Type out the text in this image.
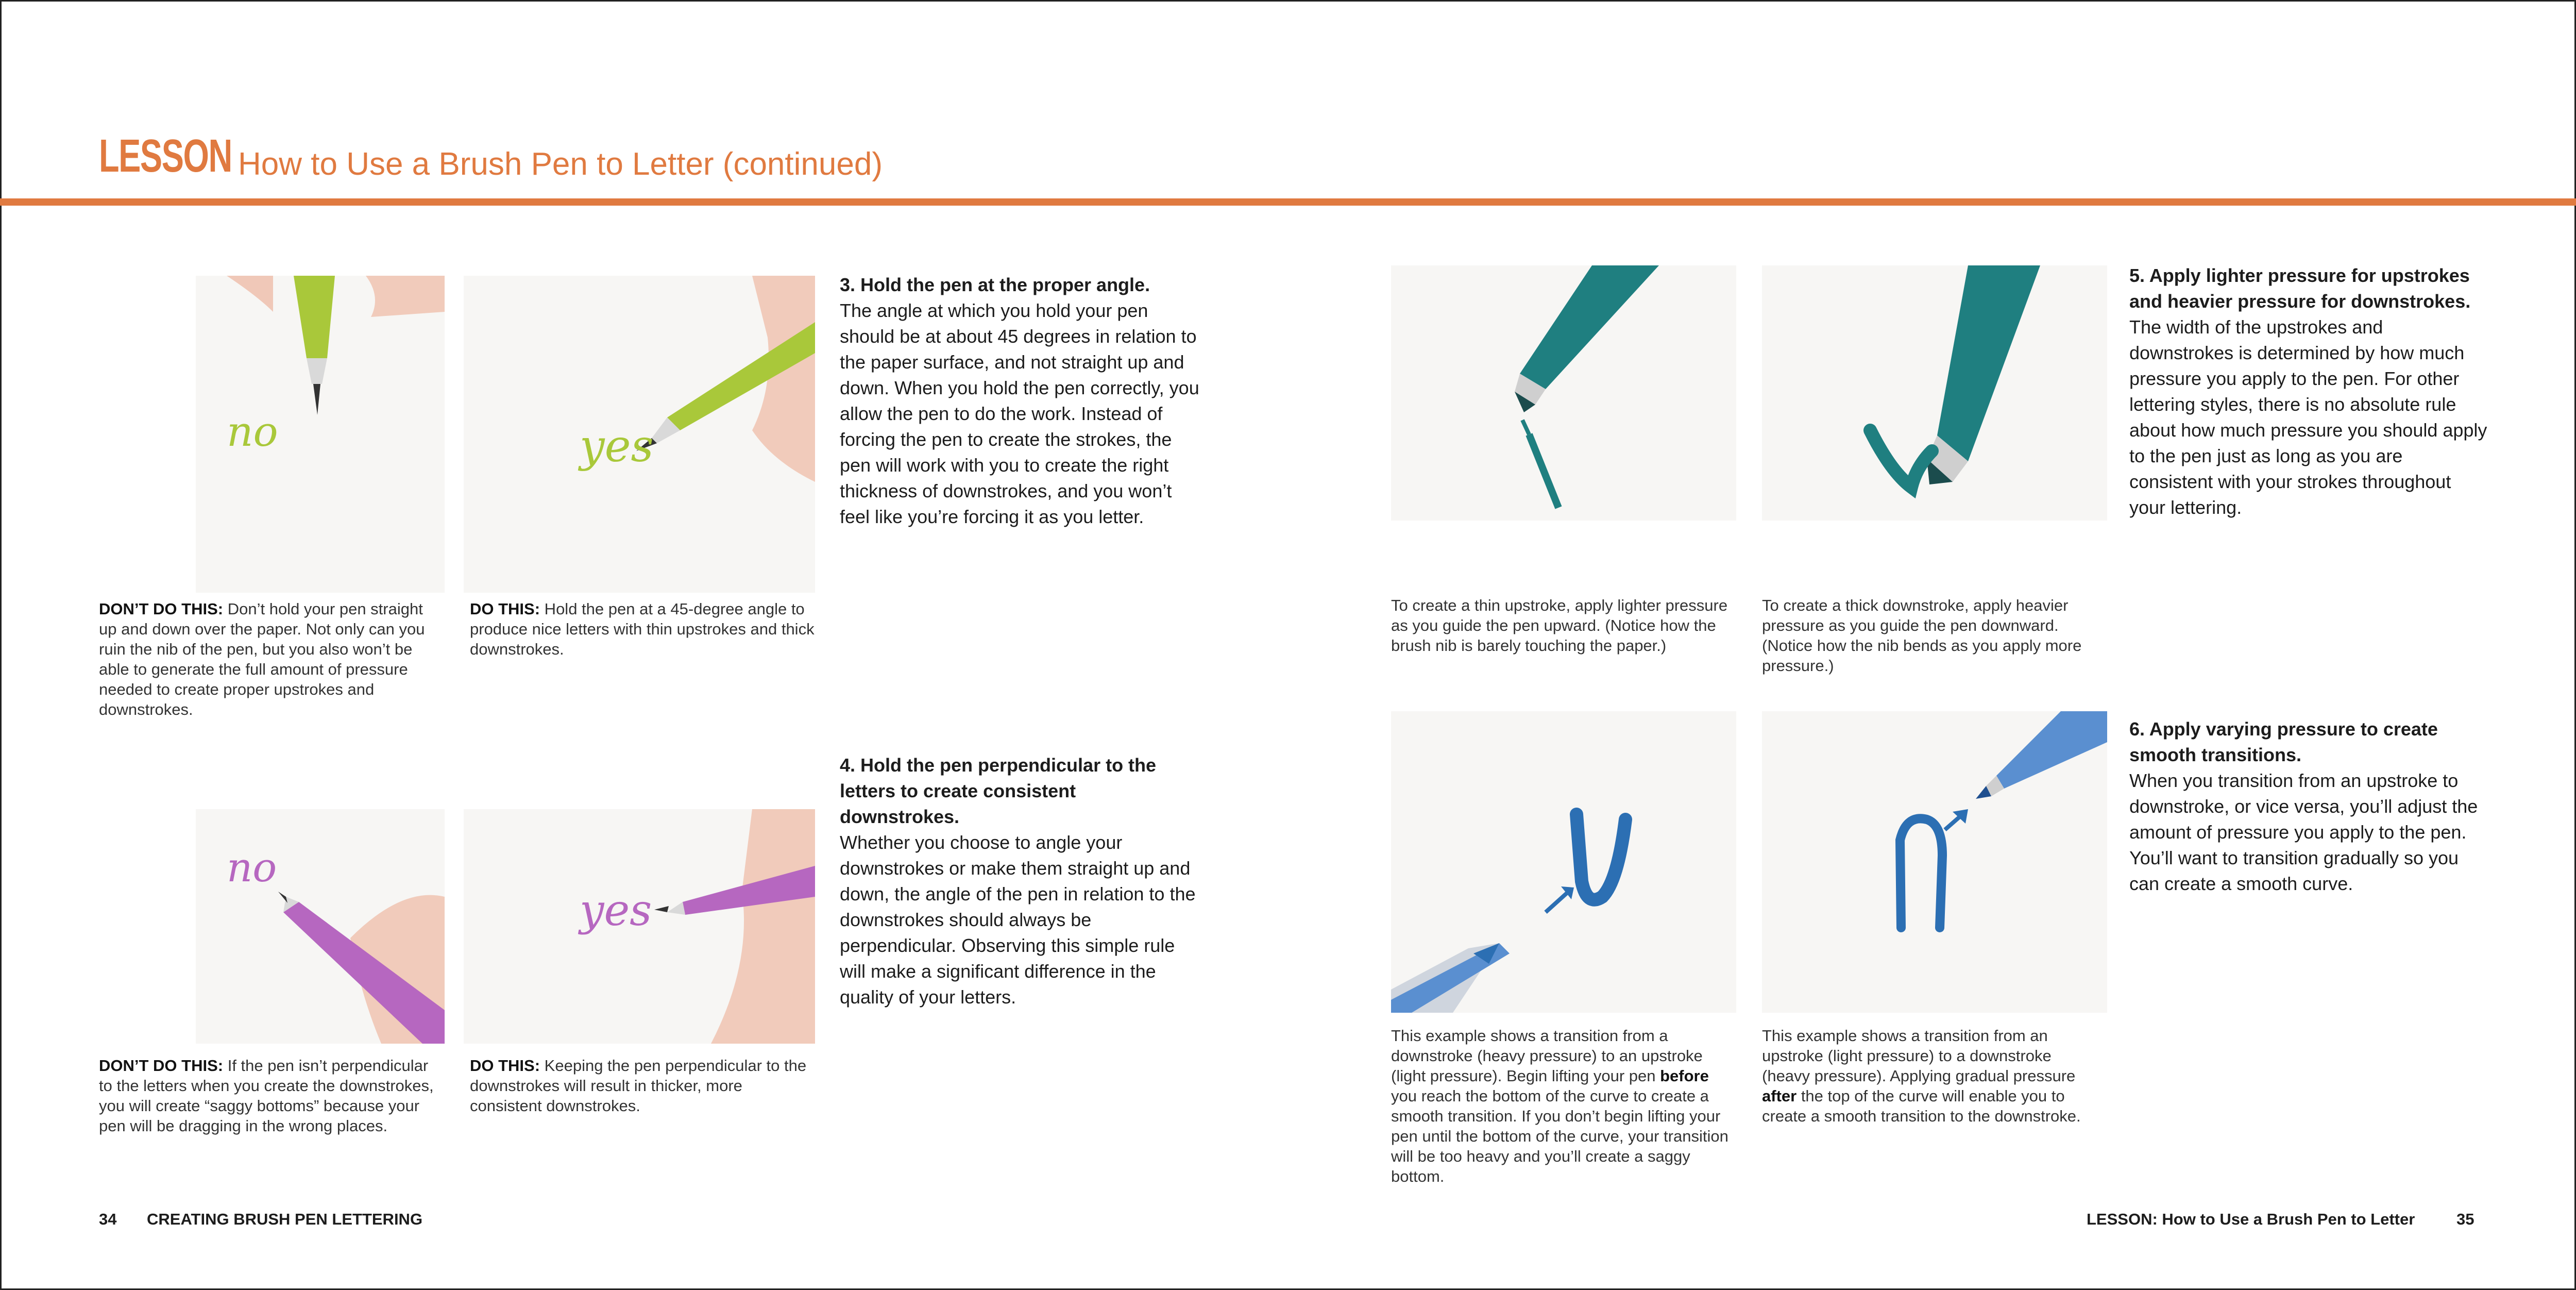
LESSON How to Use a Brush Pen to Letter (continued)
no	yes
3. Hold the pen at the proper angle.
The angle at which you hold your pen should be at about 45 degrees in relation to the paper surface, and not straight up and down. When you hold the pen correctly, you allow the pen to do the work. Instead of forcing the pen to create the strokes, the pen will work with you to create the right thickness of downstrokes, and you won’t feel like you’re forcing it as you letter.
DON’T DO THIS: Don’t hold your pen straight up and down over the paper. Not only can you ruin the nib of the pen, but you also won’t be able to generate the full amount of pressure needed to create proper upstrokes and downstrokes.
DO THIS: Hold the pen at a 45-degree angle to produce nice letters with thin upstrokes and thick downstrokes.
no
yes
4. Hold the pen perpendicular to the letters to create consistent downstrokes.
Whether you choose to angle your downstrokes or make them straight up and down, the angle of the pen in relation to the downstrokes should always be perpendicular. Observing this simple rule will make a significant difference in the quality of your letters.
DON’T DO THIS: If the pen isn’t perpendicular to the letters when you create the downstrokes, you will create “saggy bottoms” because your pen will be dragging in the wrong places.
DO THIS: Keeping the pen perpendicular to the downstrokes will result in thicker, more consistent downstrokes.
5. Apply lighter pressure for upstrokes and heavier pressure for downstrokes.
The width of the upstrokes and downstrokes is determined by how much pressure you apply to the pen. For other lettering styles, there is no absolute rule about how much pressure you should apply to the pen just as long as you are consistent with your strokes throughout your lettering.
To create a thin upstroke, apply lighter pressure as you guide the pen upward. (Notice how the brush nib is barely touching the paper.)
To create a thick downstroke, apply heavier pressure as you guide the pen downward. (Notice how the nib bends as you apply more pressure.)
6. Apply varying pressure to create smooth transitions.
When you transition from an upstroke to downstroke, or vice versa, you’ll adjust the amount of pressure you apply to the pen. You’ll want to transition gradually so you can create a smooth curve.
This example shows a transition from a downstroke (heavy pressure) to an upstroke (light pressure). Begin lifting your pen before you reach the bottom of the curve to create a smooth transition. If you don’t begin lifting your pen until the bottom of the curve, your transition will be too heavy and you’ll create a saggy bottom.
This example shows a transition from an upstroke (light pressure) to a downstroke (heavy pressure). Applying gradual pressure after the top of the curve will enable you to create a smooth transition to the downstroke.
34 CREATING BRUSH PEN LETTERING	LESSON: How to Use a Brush Pen to Letter	35
